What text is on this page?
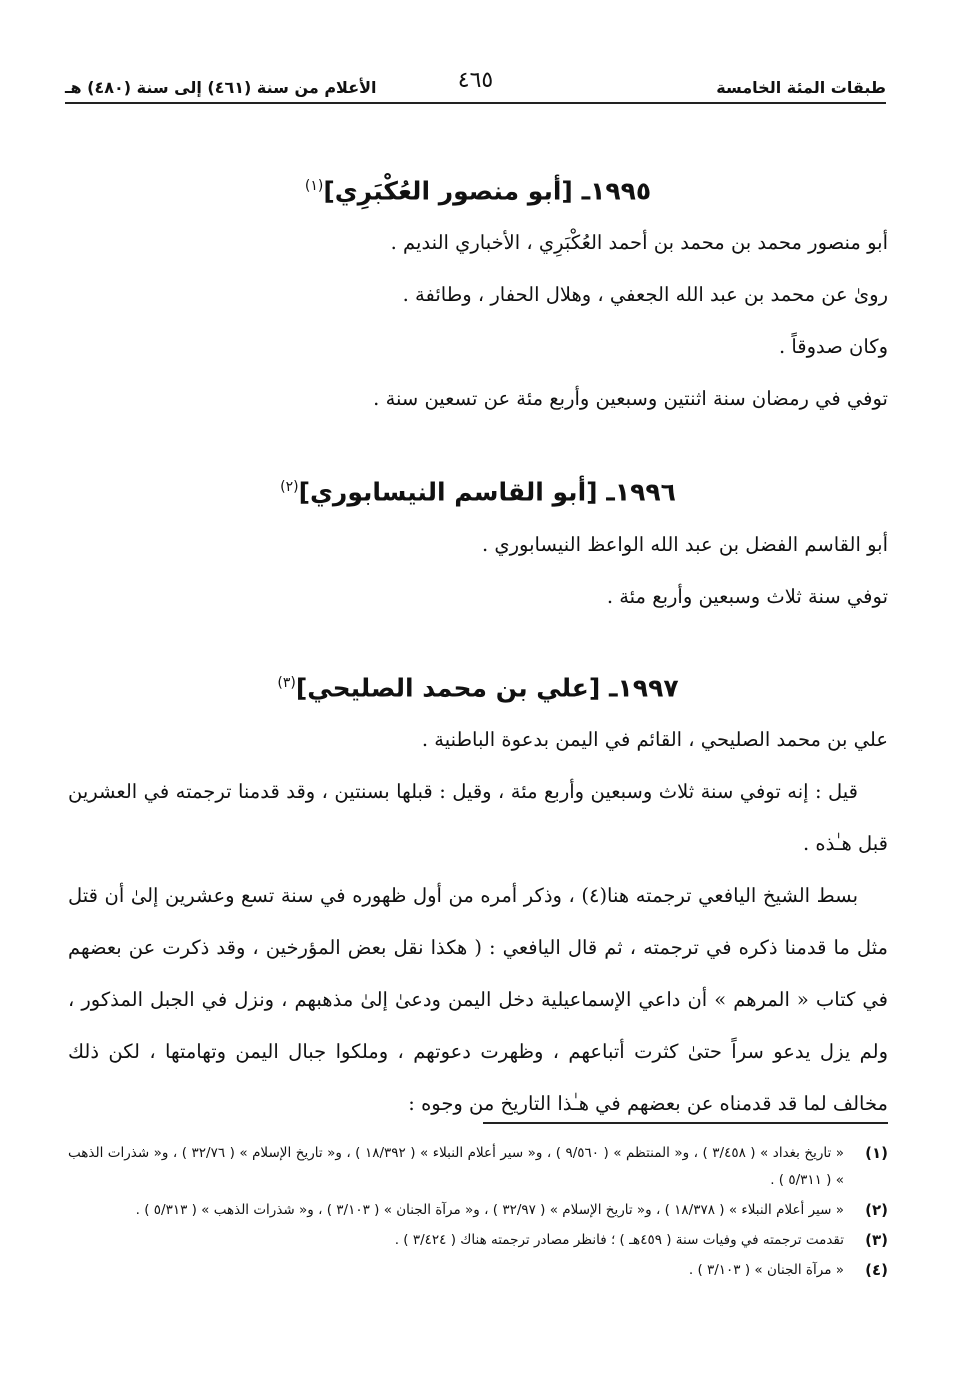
طبقات المئة الخامسة
٤٦٥
الأعلام من سنة (٤٦١) إلى سنة (٤٨٠) هـ
١٩٩٥ـ [أبو منصور العُكْبَرِي]$^{(١)}$

أبو منصور محمد بن محمد بن أحمد العُكْبَرِي ، الأخباري النديم .

روىٰ عن محمد بن عبد الله الجعفي ، وهلال الحفار ، وطائفة .

وكان صدوقاً .

توفي في رمضان سنة اثنتين وسبعين وأربع مئة عن تسعين سنة .

١٩٩٦ـ [أبو القاسم النيسابوري]$^{(٢)}$

أبو القاسم الفضل بن عبد الله الواعظ النيسابوري .

توفي سنة ثلاث وسبعين وأربع مئة .

١٩٩٧ـ [علي بن محمد الصليحي]$^{(٣)}$

علي بن محمد الصليحي ، القائم في اليمن بدعوة الباطنية .

قيل : إنه توفي سنة ثلاث وسبعين وأربع مئة ، وقيل : قبلها بسنتين ، وقد قدمنا ترجمته في العشرين قبل هـٰذه .

بسط الشيخ اليافعي ترجمته هنا(٤) ، وذكر أمره من أول ظهوره في سنة تسع وعشرين إلىٰ أن قتل مثل ما قدمنا ذكره في ترجمته ، ثم قال اليافعي : ( هكذا نقل بعض المؤرخين ، وقد ذكرت عن بعضهم في كتاب « المرهم » أن داعي الإسماعيلية دخل اليمن ودعىٰ إلىٰ مذهبهم ، ونزل في الجبل المذكور ، ولم يزل يدعو سراً حتىٰ كثرت أتباعهم ، وظهرت دعوتهم ، وملكوا جبال اليمن وتهامتها ، لكن ذلك مخالف لما قد قدمناه عن بعضهم في هـٰذا التاريخ من وجوه :

(١)
« تاريخ بغداد » ( ٣/٤٥٨ ) ، و« المنتظم » ( ٩/٥٦٠ ) ، و« سير أعلام النبلاء » ( ١٨/٣٩٢ ) ، و« تاريخ الإسلام » ( ٣٢/٧٦ ) ، و« شذرات الذهب » ( ٥/٣١١ ) .
(٢)
« سير أعلام النبلاء » ( ١٨/٣٧٨ ) ، و« تاريخ الإسلام » ( ٣٢/٩٧ ) ، و« مرآة الجنان » ( ٣/١٠٣ ) ، و« شذرات الذهب » ( ٥/٣١٣ ) .
(٣)
تقدمت ترجمته في وفيات سنة ( ٤٥٩هـ ) ؛ فانظر مصادر ترجمته هناك ( ٣/٤٢٤ ) .
(٤)
« مرآة الجنان » ( ٣/١٠٣ ) .
